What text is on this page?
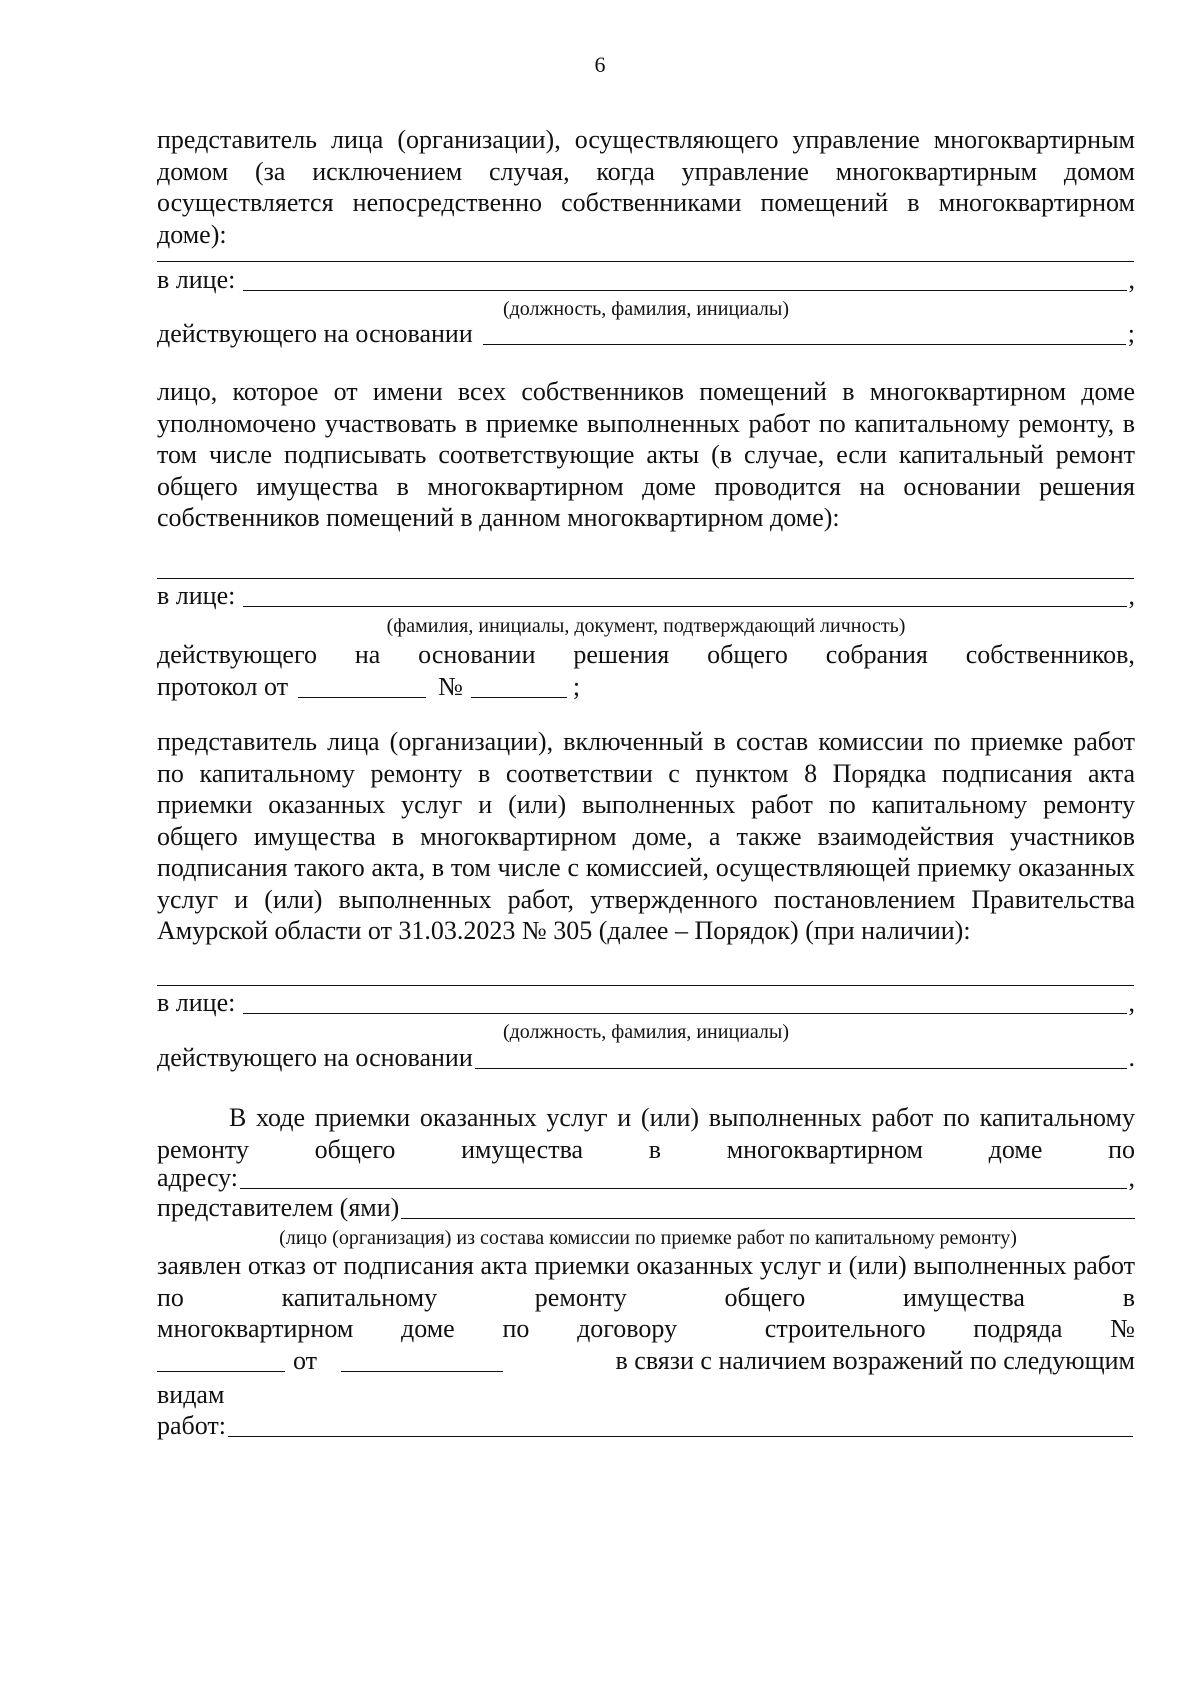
6
представитель лица (организации), осуществляющего управление многоквартирным домом (за исключением случая, когда управление многоквартирным домом осуществляется непосредственно собственниками помещений в многоквартирном доме):
в лице:	,
(должность, фамилия, инициалы)
действующего на основании	;
лицо, которое от имени всех собственников помещений в многоквартирном доме уполномочено участвовать в приемке выполненных работ по капитальному ремонту, в том числе подписывать соответствующие акты (в случае, если капитальный ремонт общего имущества в многоквартирном доме проводится на основании решения собственников помещений в данном многоквартирном доме):
в лице:	,
(фамилия, инициалы, документ, подтверждающий личность)
действующего на основании решения общего собрания собственников,
протокол от	№	;
представитель лица (организации), включенный в состав комиссии по приемке работ по капитальному ремонту в соответствии с пунктом 8 Порядка подписания акта приемки оказанных услуг и (или) выполненных работ по капитальному ремонту общего имущества в многоквартирном доме, а также взаимодействия участников подписания такого акта, в том числе с комиссией, осуществляющей приемку оказанных услуг и (или) выполненных работ, утвержденного постановлением Правительства Амурской области от 31.03.2023 № 305 (далее – Порядок) (при наличии):
в лице:	,
(должность, фамилия, инициалы)
действующего на основании	.
В ходе приемки оказанных услуг и (или) выполненных работ по капитальному ремонту общего имущества в многоквартирном доме по
адресу:	,
представителем (ями)
(лицо (организация) из состава комиссии по приемке работ по капитальному ремонту)
заявлен отказ от подписания акта приемки оказанных услуг и (или) выполненных работ по капитальному ремонту общего имущества в
многоквартирном доме по договору	строительного подряда №
от	в связи с наличием возражений по следующим
видам
работ:
